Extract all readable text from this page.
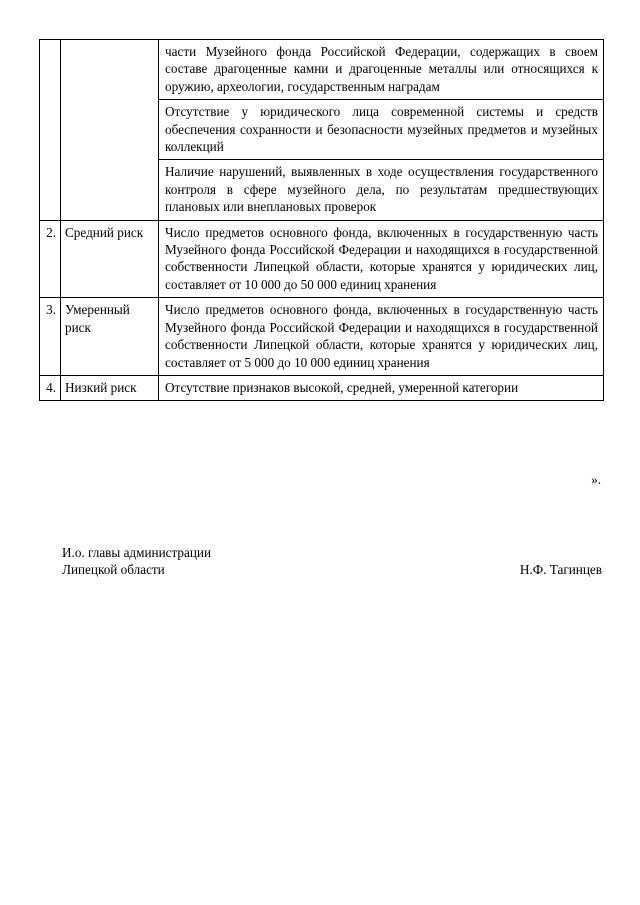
		части Музейного фонда Российской Федерации, содержащих в своем составе драгоценные камни и драгоценные металлы или относящихся к оружию, археологии, государственным наградам
		Отсутствие у юридического лица современной системы и средств обеспечения сохранности и безопасности музейных предметов и музейных коллекций
		Наличие нарушений, выявленных в ходе осуществления государственного контроля в сфере музейного дела, по результатам предшествующих плановых или внеплановых проверок
2.	Средний риск	Число предметов основного фонда, включенных в государственную часть Музейного фонда Российской Федерации и находящихся в государственной собственности Липецкой области, которые хранятся у юридических лиц, составляет от 10 000 до 50 000 единиц хранения
3.	Умеренный риск	Число предметов основного фонда, включенных в государственную часть Музейного фонда Российской Федерации и находящихся в государственной собственности Липецкой области, которые хранятся у юридических лиц, составляет от 5 000 до 10 000 единиц хранения
4.	Низкий риск	Отсутствие признаков высокой, средней, умеренной категории
».
И.о. главы администрации
Липецкой области	Н.Ф. Тагинцев
